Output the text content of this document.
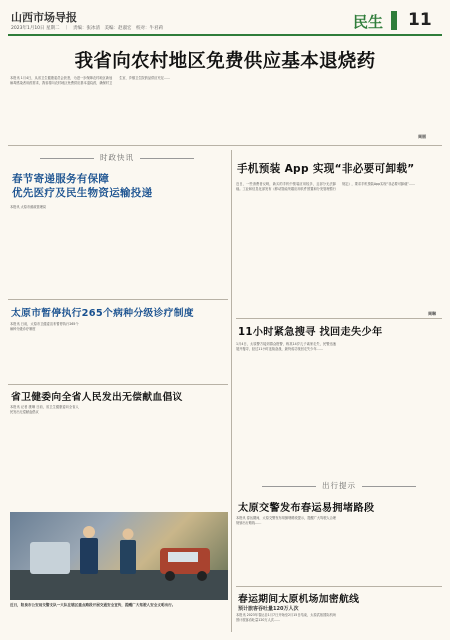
山西市场导报
2023年1月10日 星期二　｜　责编：张冰清　美编：赵淑宏　校对：牛君莉	民生 11
我省向农村地区免费供应基本退烧药
本报讯 1月4日，从省卫生健康委员会获悉，为进一步保障农村地区新冠病毒感染者用药需求，我省将向农村地区免费供应基本退烧药，确保村卫生室、乡镇卫生院药品供应充足……
周丽
时政快讯
春节寄递服务有保障
优先医疗及民生物资运输投递
本报讯 太原市邮政管理局
太原市暂停执行265个病种分级诊疗制度
本报讯 日前，太原市卫健委宣布暂停执行265个病种分级诊疗制度
省卫健委向全省人民发出无偿献血倡议
本报讯 记者 康琳 日前，省卫生健康委向全省人民发出无偿献血倡议
近日，阳泉市公安局交警支队一大队在辖区重点路段开展交通安全宣传，提醒广大驾驶人安全文明出行。
手机预装 App 实现“非必要可卸载”
近日，一些消费者反映，新买的手机中预装应用较多，且部分无法卸载。工业和信息化部发布《移动智能终端应用软件预置和分发管理暂行规定》，要求手机预装App实现“非必要可卸载”……
周琳
11小时紧急搜寻 找回走失少年
1月4日，太原警方接到群众报警，称其14岁儿子离家走失，民警迅速展开搜寻，经过11小时连续奋战，最终成功找回走失少年……
出行提示
太原交警发布春运易拥堵路段
本报讯 春运期间，太原交警发布易拥堵路段提示，提醒广大驾驶人合理规划出行路线……
春运期间太原机场加密航线
预计旅客吞吐量120万人次
本报讯 2023年春运自1月7日开始至2月15日结束，太原武宿国际机场预计旅客吞吐量120万人次……
